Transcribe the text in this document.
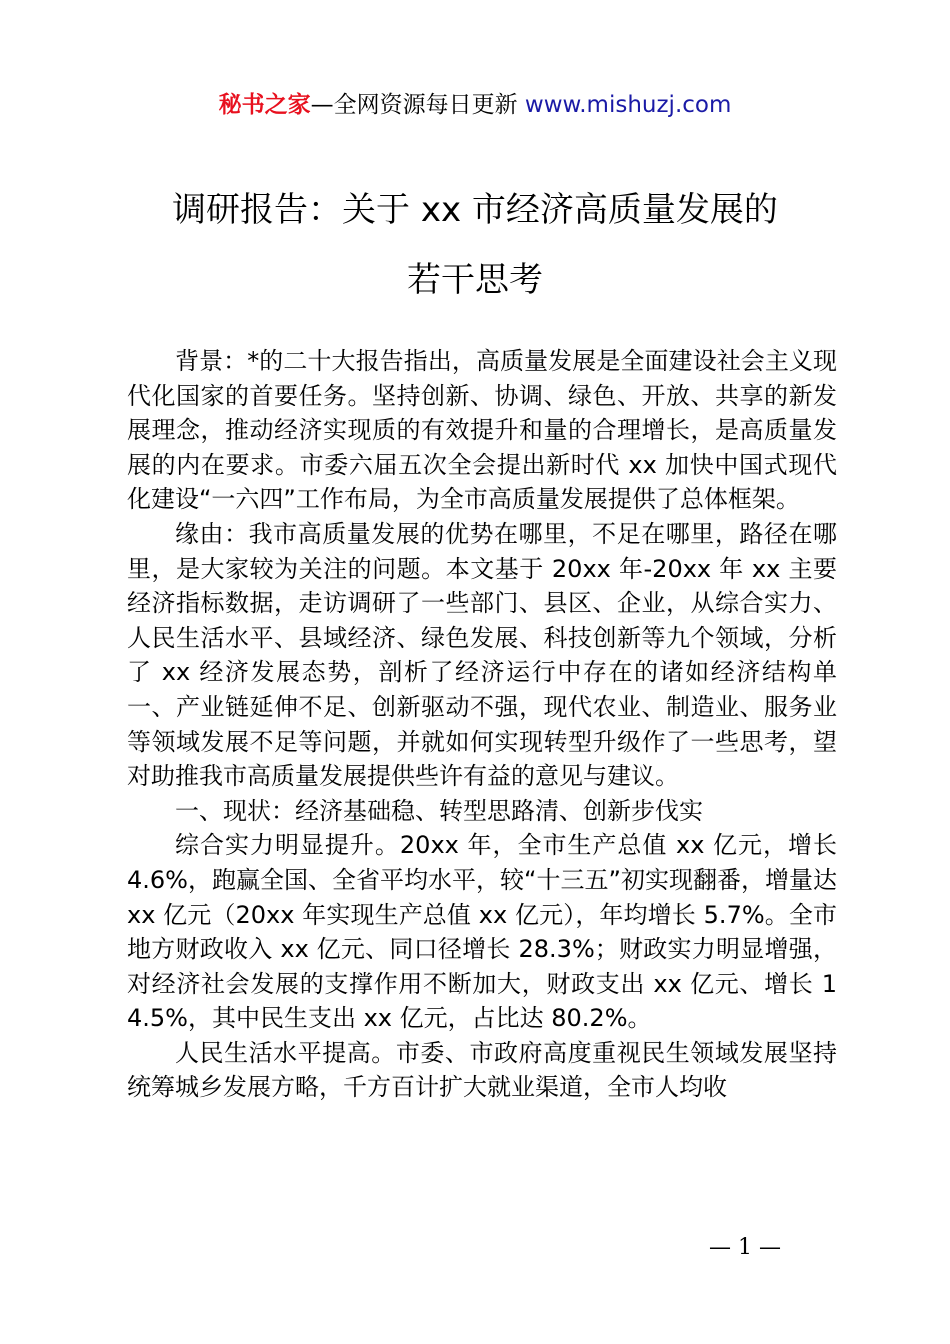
秘书之家—全网资源每日更新 www.mishuzj.com
调研报告：关于 xx 市经济高质量发展的
若干思考

背景：*的二十大报告指出，高质量发展是全面建设社会主义现代化国家的首要任务。坚持创新、协调、绿色、开放、共享的新发展理念，推动经济实现质的有效提升和量的合理增长，是高质量发展的内在要求。市委六届五次全会提出新时代 xx 加快中国式现代化建设“一六四”工作布局，为全市高质量发展提供了总体框架。

缘由：我市高质量发展的优势在哪里，不足在哪里，路径在哪里，是大家较为关注的问题。本文基于 20xx 年-20xx 年 xx 主要经济指标数据，走访调研了一些部门、县区、企业，从综合实力、人民生活水平、县域经济、绿色发展、科技创新等九个领域，分析了 xx 经济发展态势，剖析了经济运行中存在的诸如经济结构单一、产业链延伸不足、创新驱动不强，现代农业、制造业、服务业等领域发展不足等问题，并就如何实现转型升级作了一些思考，望对助推我市高质量发展提供些许有益的意见与建议。

一、现状：经济基础稳、转型思路清、创新步伐实

综合实力明显提升。20xx 年，全市生产总值 xx 亿元，增长 4.6%，跑赢全国、全省平均水平，较“十三五”初实现翻番，增量达 xx 亿元（20xx 年实现生产总值 xx 亿元），年均增长 5.7%。全市地方财政收入 xx 亿元、同口径增长 28.3%；财政实力明显增强，对经济社会发展的支撑作用不断加大，财政支出 xx 亿元、增长 14.5%，其中民生支出 xx 亿元，占比达 80.2%。

人民生活水平提高。市委、市政府高度重视民生领域发展坚持统筹城乡发展方略，千方百计扩大就业渠道，全市人均收

— 1 —
